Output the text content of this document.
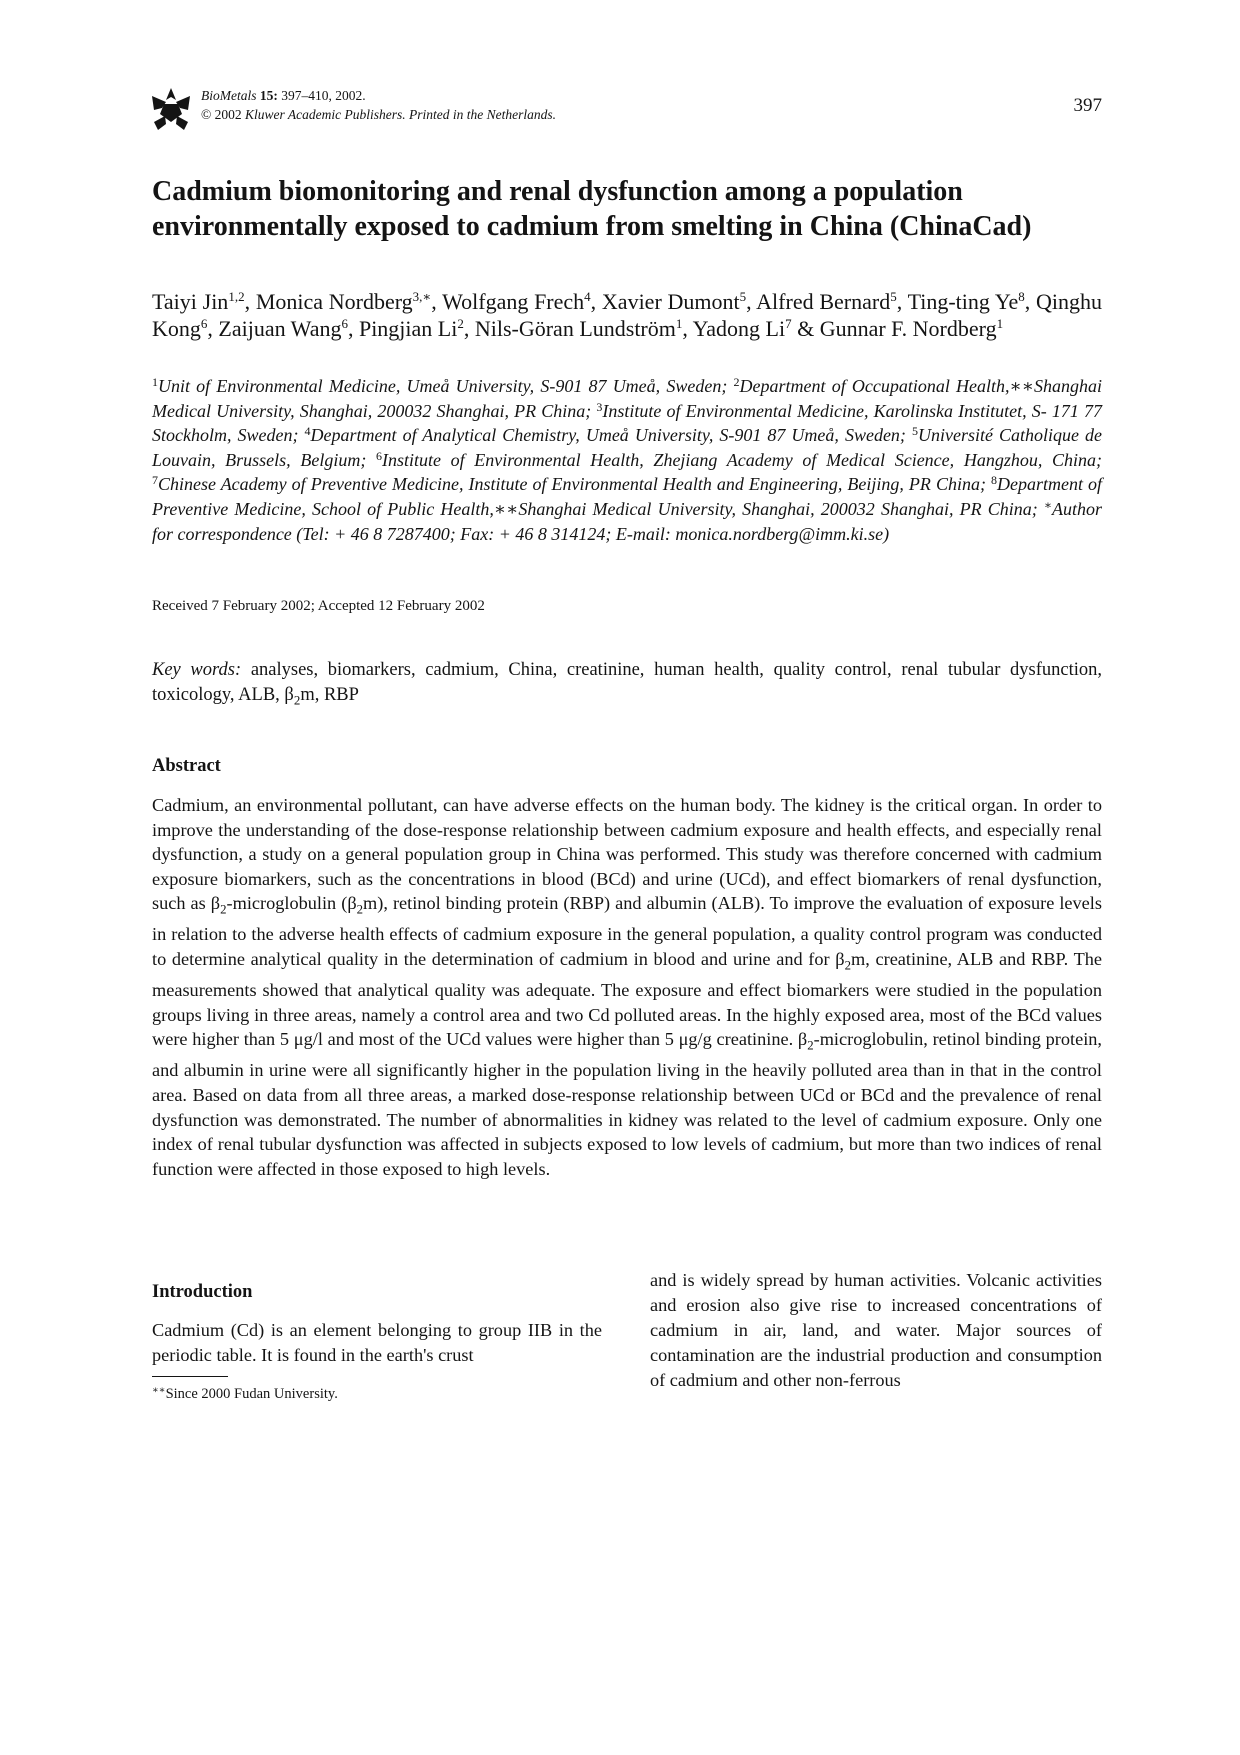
BioMetals 15: 397–410, 2002.
© 2002 Kluwer Academic Publishers. Printed in the Netherlands.	397
Cadmium biomonitoring and renal dysfunction among a population environmentally exposed to cadmium from smelting in China (ChinaCad)
Taiyi Jin$^{1,2}$, Monica Nordberg$^{3,∗}$, Wolfgang Frech$^4$, Xavier Dumont$^5$, Alfred Bernard$^5$, Ting-ting Ye$^8$, Qinghu Kong$^6$, Zaijuan Wang$^6$, Pingjian Li$^2$, Nils-Göran Lundström$^1$, Yadong Li$^7$ & Gunnar F. Nordberg$^1$
$^1$Unit of Environmental Medicine, Umeå University, S-901 87 Umeå, Sweden; $^2$Department of Occupational Health,∗∗Shanghai Medical University, Shanghai, 200032 Shanghai, PR China; $^3$Institute of Environmental Medicine, Karolinska Institutet, S- 171 77 Stockholm, Sweden; $^4$Department of Analytical Chemistry, Umeå University, S-901 87 Umeå, Sweden; $^5$Université Catholique de Louvain, Brussels, Belgium; $^6$Institute of Environmental Health, Zhejiang Academy of Medical Science, Hangzhou, China; $^7$Chinese Academy of Preventive Medicine, Institute of Environmental Health and Engineering, Beijing, PR China; $^8$Department of Preventive Medicine, School of Public Health,∗∗Shanghai Medical University, Shanghai, 200032 Shanghai, PR China; ∗Author for correspondence (Tel: + 46 8 7287400; Fax: + 46 8 314124; E-mail: monica.nordberg@imm.ki.se)
Received 7 February 2002; Accepted 12 February 2002
Key words: analyses, biomarkers, cadmium, China, creatinine, human health, quality control, renal tubular dysfunction, toxicology, ALB, $\beta_2m$, RBP
Abstract

Cadmium, an environmental pollutant, can have adverse effects on the human body. The kidney is the critical organ. In order to improve the understanding of the dose-response relationship between cadmium exposure and health effects, and especially renal dysfunction, a study on a general population group in China was performed. This study was therefore concerned with cadmium exposure biomarkers, such as the concentrations in blood (BCd) and urine (UCd), and effect biomarkers of renal dysfunction, such as $\beta_2$-microglobulin $(\beta_2m)$, retinol binding protein (RBP) and albumin (ALB). To improve the evaluation of exposure levels in relation to the adverse health effects of cadmium exposure in the general population, a quality control program was conducted to determine analytical quality in the determination of cadmium in blood and urine and for $\beta_2m$, creatinine, ALB and RBP. The measurements showed that analytical quality was adequate. The exposure and effect biomarkers were studied in the population groups living in three areas, namely a control area and two Cd polluted areas. In the highly exposed area, most of the BCd values were higher than 5 μg/l and most of the UCd values were higher than 5 μg/g creatinine. $\beta_2$-microglobulin, retinol binding protein, and albumin in urine were all significantly higher in the population living in the heavily polluted area than in that in the control area. Based on data from all three areas, a marked dose-response relationship between UCd or BCd and the prevalence of renal dysfunction was demonstrated. The number of abnormalities in kidney was related to the level of cadmium exposure. Only one index of renal tubular dysfunction was affected in subjects exposed to low levels of cadmium, but more than two indices of renal function were affected in those exposed to high levels.

Introduction

Cadmium (Cd) is an element belonging to group IIB in the periodic table. It is found in the earth's crust

and is widely spread by human activities. Volcanic activities and erosion also give rise to increased concentrations of cadmium in air, land, and water. Major sources of contamination are the industrial production and consumption of cadmium and other non-ferrous

∗∗Since 2000 Fudan University.
